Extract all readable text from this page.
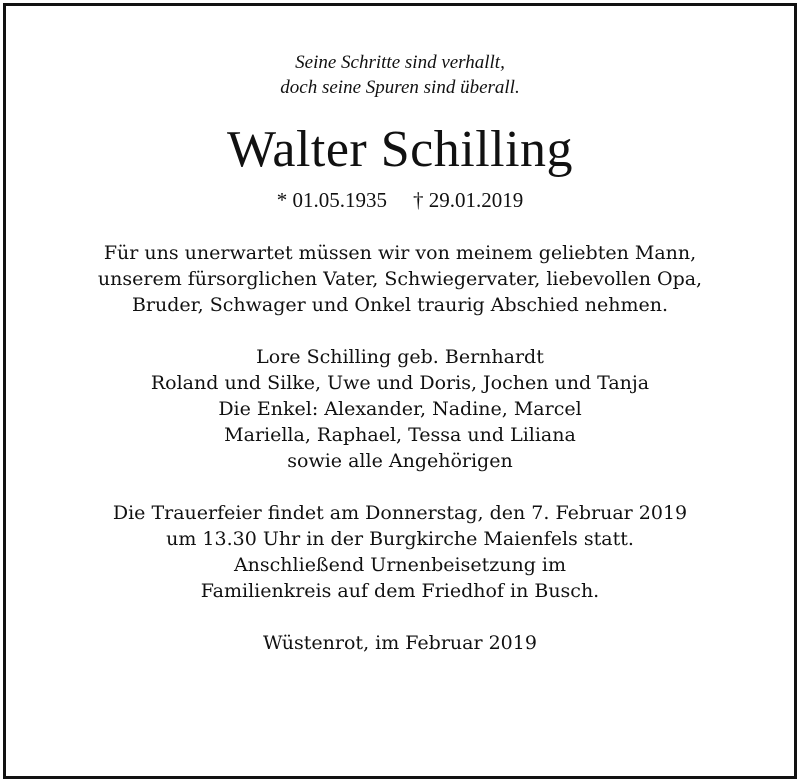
Seine Schritte sind verhallt,
doch seine Spuren sind überall.
Walter Schilling
* 01.05.1935 † 29.01.2019
Für uns unerwartet müssen wir von meinem geliebten Mann,
unserem fürsorglichen Vater, Schwiegervater, liebevollen Opa,
Bruder, Schwager und Onkel traurig Abschied nehmen.
Lore Schilling geb. Bernhardt
Roland und Silke, Uwe und Doris, Jochen und Tanja
Die Enkel: Alexander, Nadine, Marcel
Mariella, Raphael, Tessa und Liliana
sowie alle Angehörigen
Die Trauerfeier findet am Donnerstag, den 7. Februar 2019
um 13.30 Uhr in der Burgkirche Maienfels statt.
Anschließend Urnenbeisetzung im
Familienkreis auf dem Friedhof in Busch.
Wüstenrot, im Februar 2019
